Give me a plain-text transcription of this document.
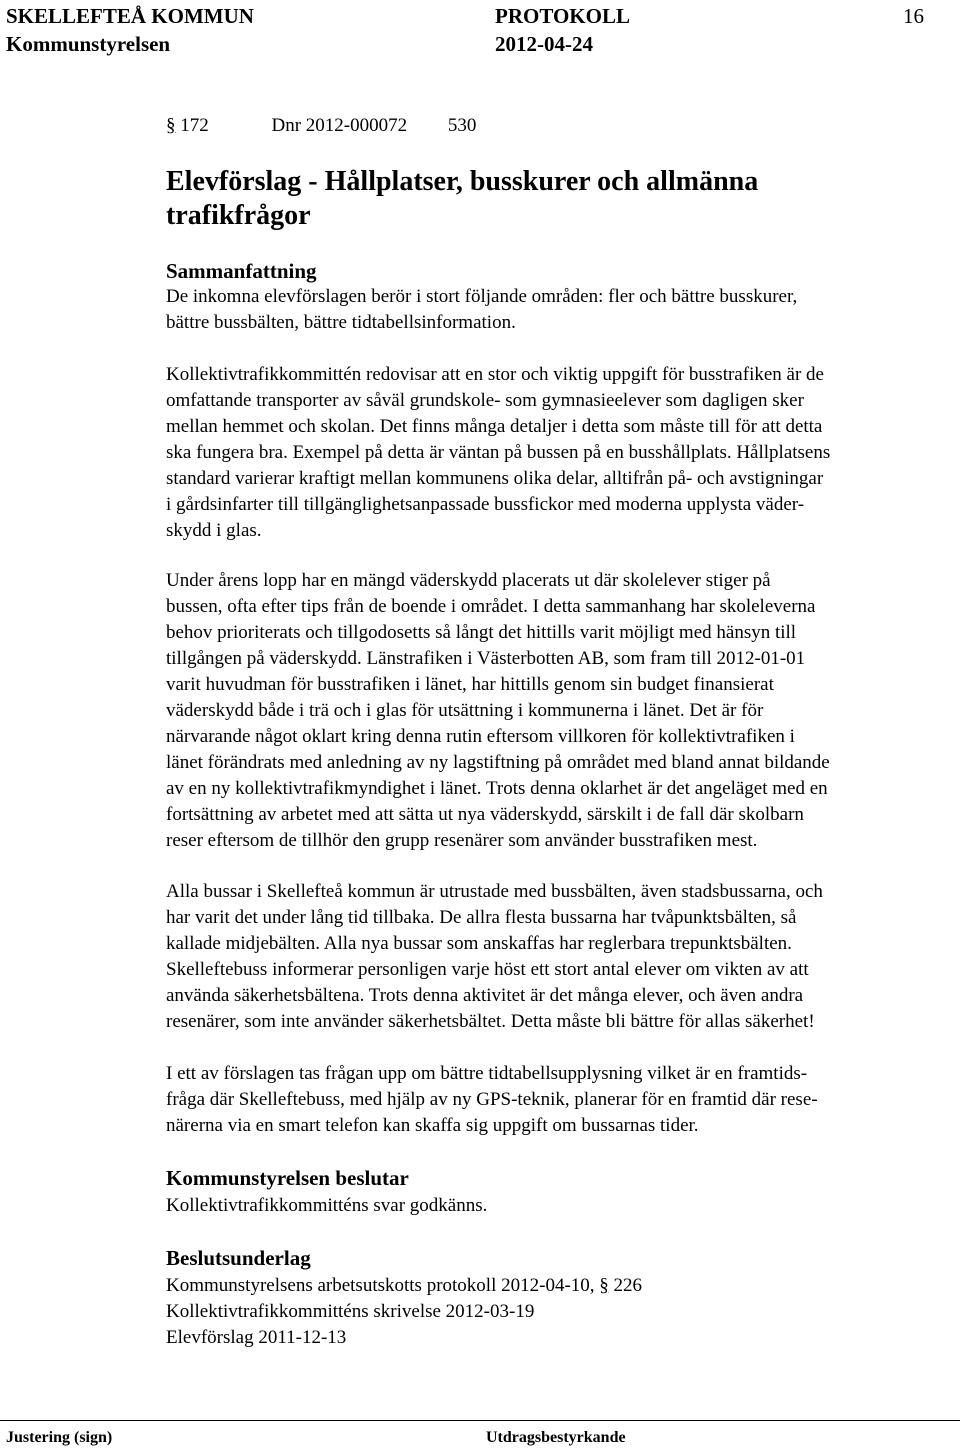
SKELLEFTEÅ KOMMUN	PROTOKOLL	16
Kommunstyrelsen	2012-04-24
§ 172	Dnr 2012-000072 530
Elevförslag - Hållplatser, busskurer och allmänna
trafikfrågor
Sammanfattning
De inkomna elevförslagen berör i stort följande områden: fler och bättre busskurer,
bättre bussbälten, bättre tidtabellsinformation.
Kollektivtrafikkommittén redovisar att en stor och viktig uppgift för busstrafiken är de
omfattande transporter av såväl grundskole- som gymnasieelever som dagligen sker
mellan hemmet och skolan. Det finns många detaljer i detta som måste till för att detta
ska fungera bra. Exempel på detta är väntan på bussen på en busshållplats. Hållplatsens
standard varierar kraftigt mellan kommunens olika delar, alltifrån på- och avstigningar
i gårdsinfarter till tillgänglighetsanpassade bussfickor med moderna upplysta väder-
skydd i glas.
Under årens lopp har en mängd väderskydd placerats ut där skolelever stiger på
bussen, ofta efter tips från de boende i området. I detta sammanhang har skoleleverna
behov prioriterats och tillgodosetts så långt det hittills varit möjligt med hänsyn till
tillgången på väderskydd. Länstrafiken i Västerbotten AB, som fram till 2012-01-01
varit huvudman för busstrafiken i länet, har hittills genom sin budget finansierat
väderskydd både i trä och i glas för utsättning i kommunerna i länet. Det är för
närvarande något oklart kring denna rutin eftersom villkoren för kollektivtrafiken i
länet förändrats med anledning av ny lagstiftning på området med bland annat bildande
av en ny kollektivtrafikmyndighet i länet. Trots denna oklarhet är det angeläget med en
fortsättning av arbetet med att sätta ut nya väderskydd, särskilt i de fall där skolbarn
reser eftersom de tillhör den grupp resenärer som använder busstrafiken mest.
Alla bussar i Skellefteå kommun är utrustade med bussbälten, även stadsbussarna, och
har varit det under lång tid tillbaka. De allra flesta bussarna har tvåpunktsbälten, så
kallade midjebälten. Alla nya bussar som anskaffas har reglerbara trepunktsbälten.
Skelleftebuss informerar personligen varje höst ett stort antal elever om vikten av att
använda säkerhetsbältena. Trots denna aktivitet är det många elever, och även andra
resenärer, som inte använder säkerhetsbältet. Detta måste bli bättre för allas säkerhet!
I ett av förslagen tas frågan upp om bättre tidtabellsupplysning vilket är en framtids-
fråga där Skelleftebuss, med hjälp av ny GPS-teknik, planerar för en framtid där rese-
närerna via en smart telefon kan skaffa sig uppgift om bussarnas tider.
Kommunstyrelsen beslutar
Kollektivtrafikkommitténs svar godkänns.
Beslutsunderlag
Kommunstyrelsens arbetsutskotts protokoll 2012-04-10, § 226
Kollektivtrafikkommitténs skrivelse 2012-03-19
Elevförslag 2011-12-13
Justering (sign)	Utdragsbestyrkande
